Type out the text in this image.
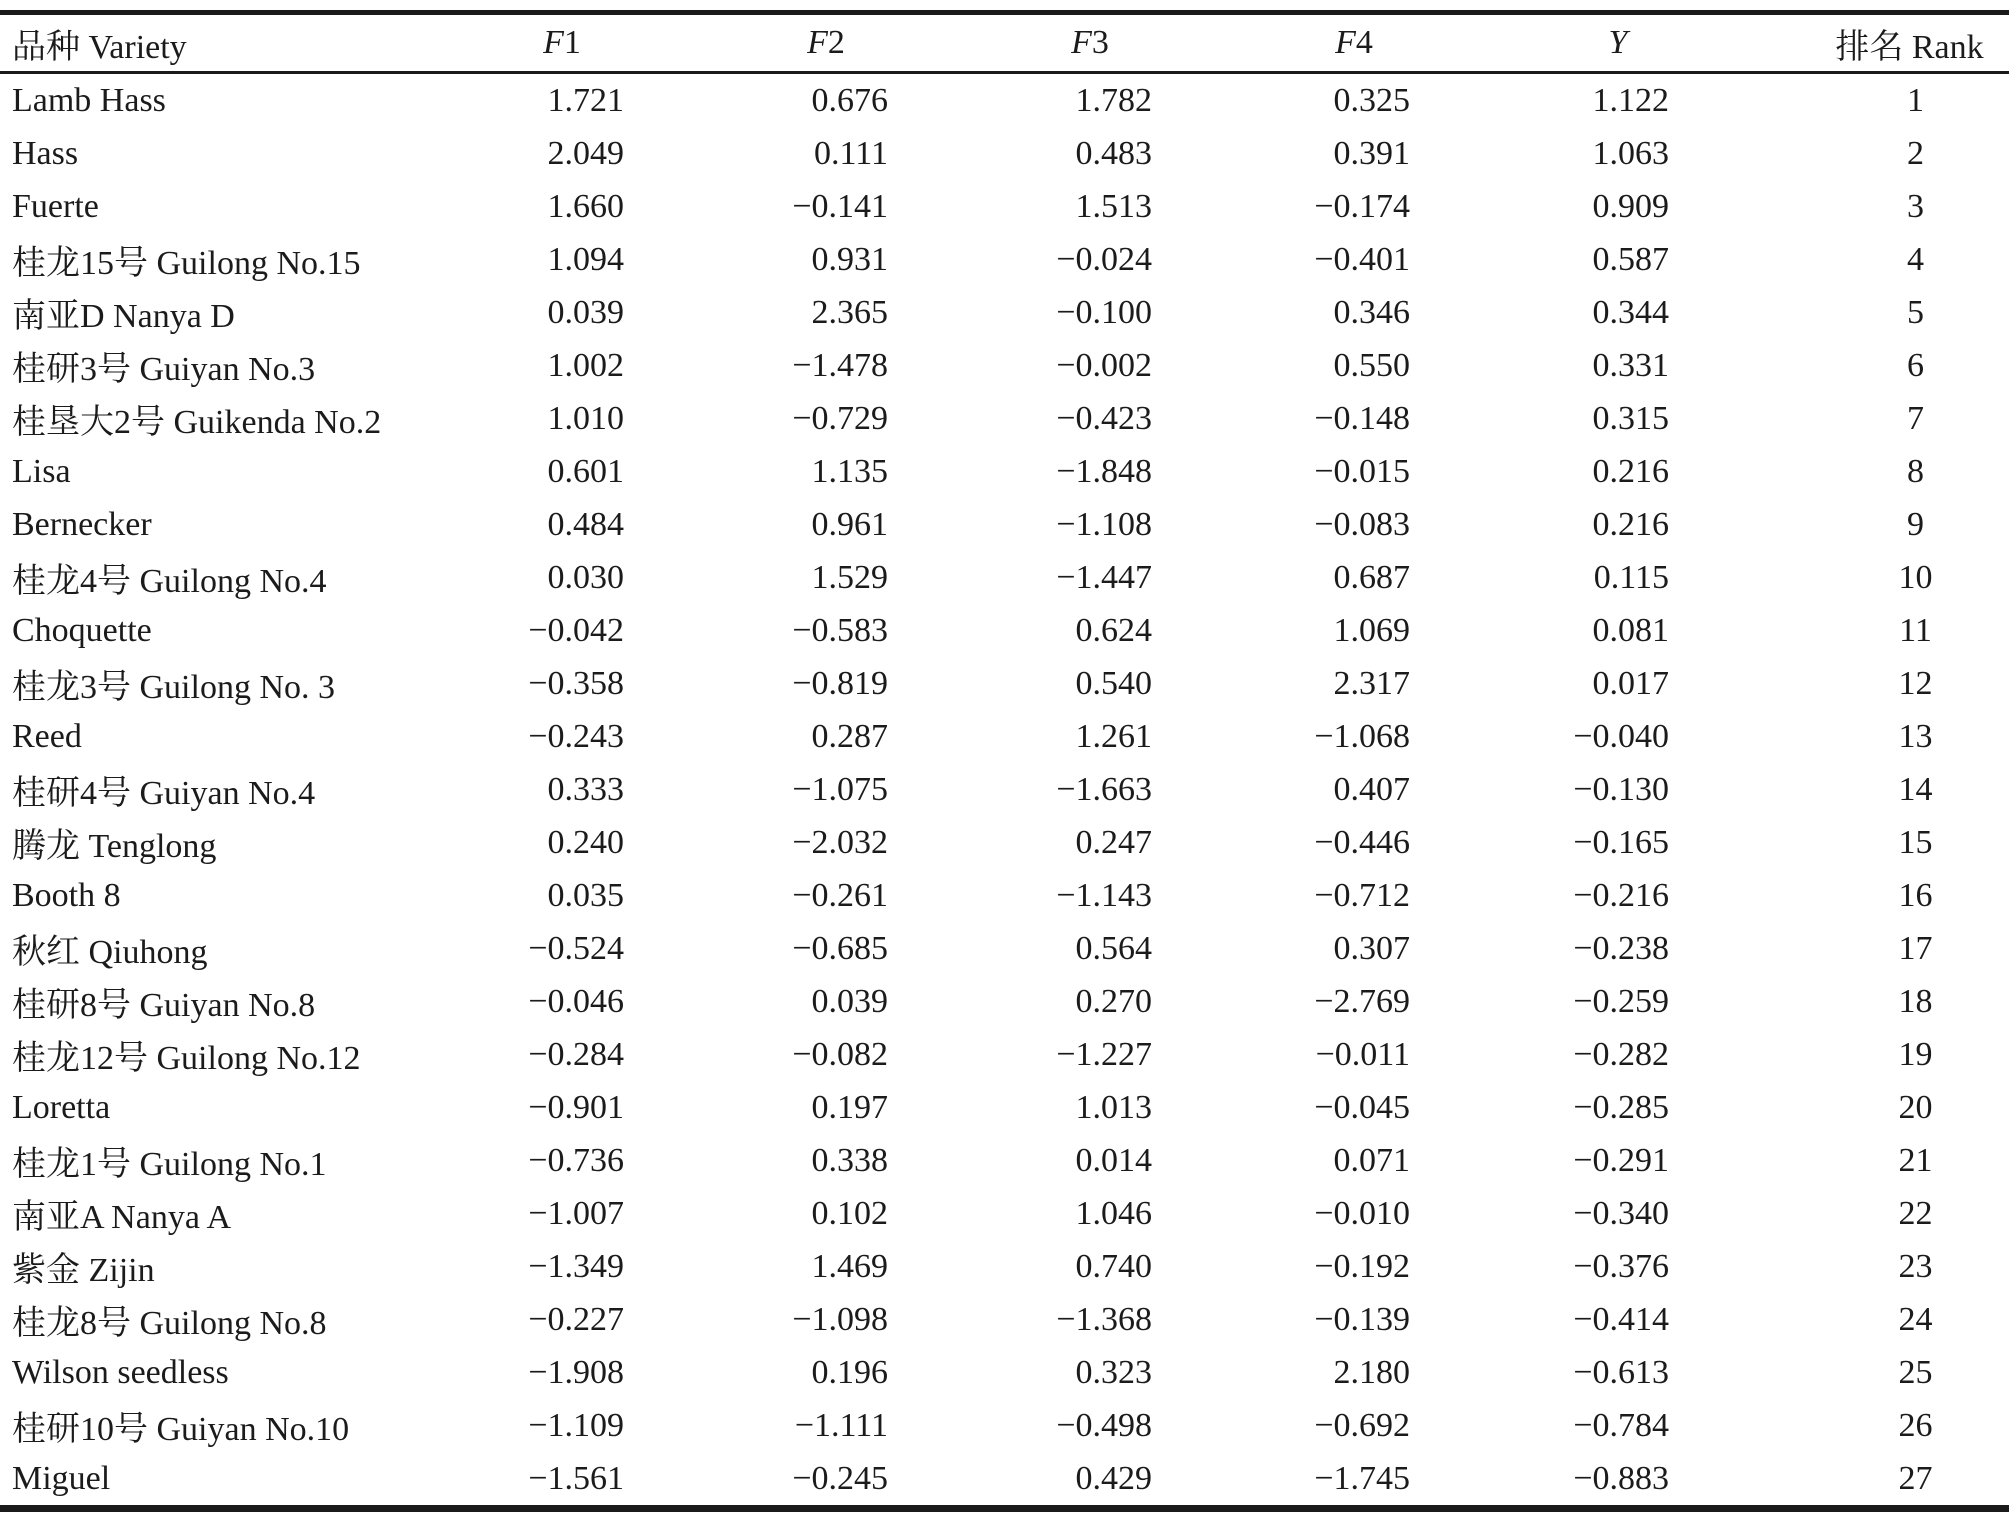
品种 Variety	F1	F2	F3	F4	Y	排名 Rank
Lamb Hass	1.721	0.676	1.782	0.325	1.122	1
Hass	2.049	0.111	0.483	0.391	1.063	2
Fuerte	1.660	−0.141	1.513	−0.174	0.909	3
桂龙15号 Guilong No.15	1.094	0.931	−0.024	−0.401	0.587	4
南亚D Nanya D	0.039	2.365	−0.100	0.346	0.344	5
桂研3号 Guiyan No.3	1.002	−1.478	−0.002	0.550	0.331	6
桂垦大2号 Guikenda No.2	1.010	−0.729	−0.423	−0.148	0.315	7
Lisa	0.601	1.135	−1.848	−0.015	0.216	8
Bernecker	0.484	0.961	−1.108	−0.083	0.216	9
桂龙4号 Guilong No.4	0.030	1.529	−1.447	0.687	0.115	10
Choquette	−0.042	−0.583	0.624	1.069	0.081	11
桂龙3号 Guilong No. 3	−0.358	−0.819	0.540	2.317	0.017	12
Reed	−0.243	0.287	1.261	−1.068	−0.040	13
桂研4号 Guiyan No.4	0.333	−1.075	−1.663	0.407	−0.130	14
腾龙 Tenglong	0.240	−2.032	0.247	−0.446	−0.165	15
Booth 8	0.035	−0.261	−1.143	−0.712	−0.216	16
秋红 Qiuhong	−0.524	−0.685	0.564	0.307	−0.238	17
桂研8号 Guiyan No.8	−0.046	0.039	0.270	−2.769	−0.259	18
桂龙12号 Guilong No.12	−0.284	−0.082	−1.227	−0.011	−0.282	19
Loretta	−0.901	0.197	1.013	−0.045	−0.285	20
桂龙1号 Guilong No.1	−0.736	0.338	0.014	0.071	−0.291	21
南亚A Nanya A	−1.007	0.102	1.046	−0.010	−0.340	22
紫金 Zijin	−1.349	1.469	0.740	−0.192	−0.376	23
桂龙8号 Guilong No.8	−0.227	−1.098	−1.368	−0.139	−0.414	24
Wilson seedless	−1.908	0.196	0.323	2.180	−0.613	25
桂研10号 Guiyan No.10	−1.109	−1.111	−0.498	−0.692	−0.784	26
Miguel	−1.561	−0.245	0.429	−1.745	−0.883	27
